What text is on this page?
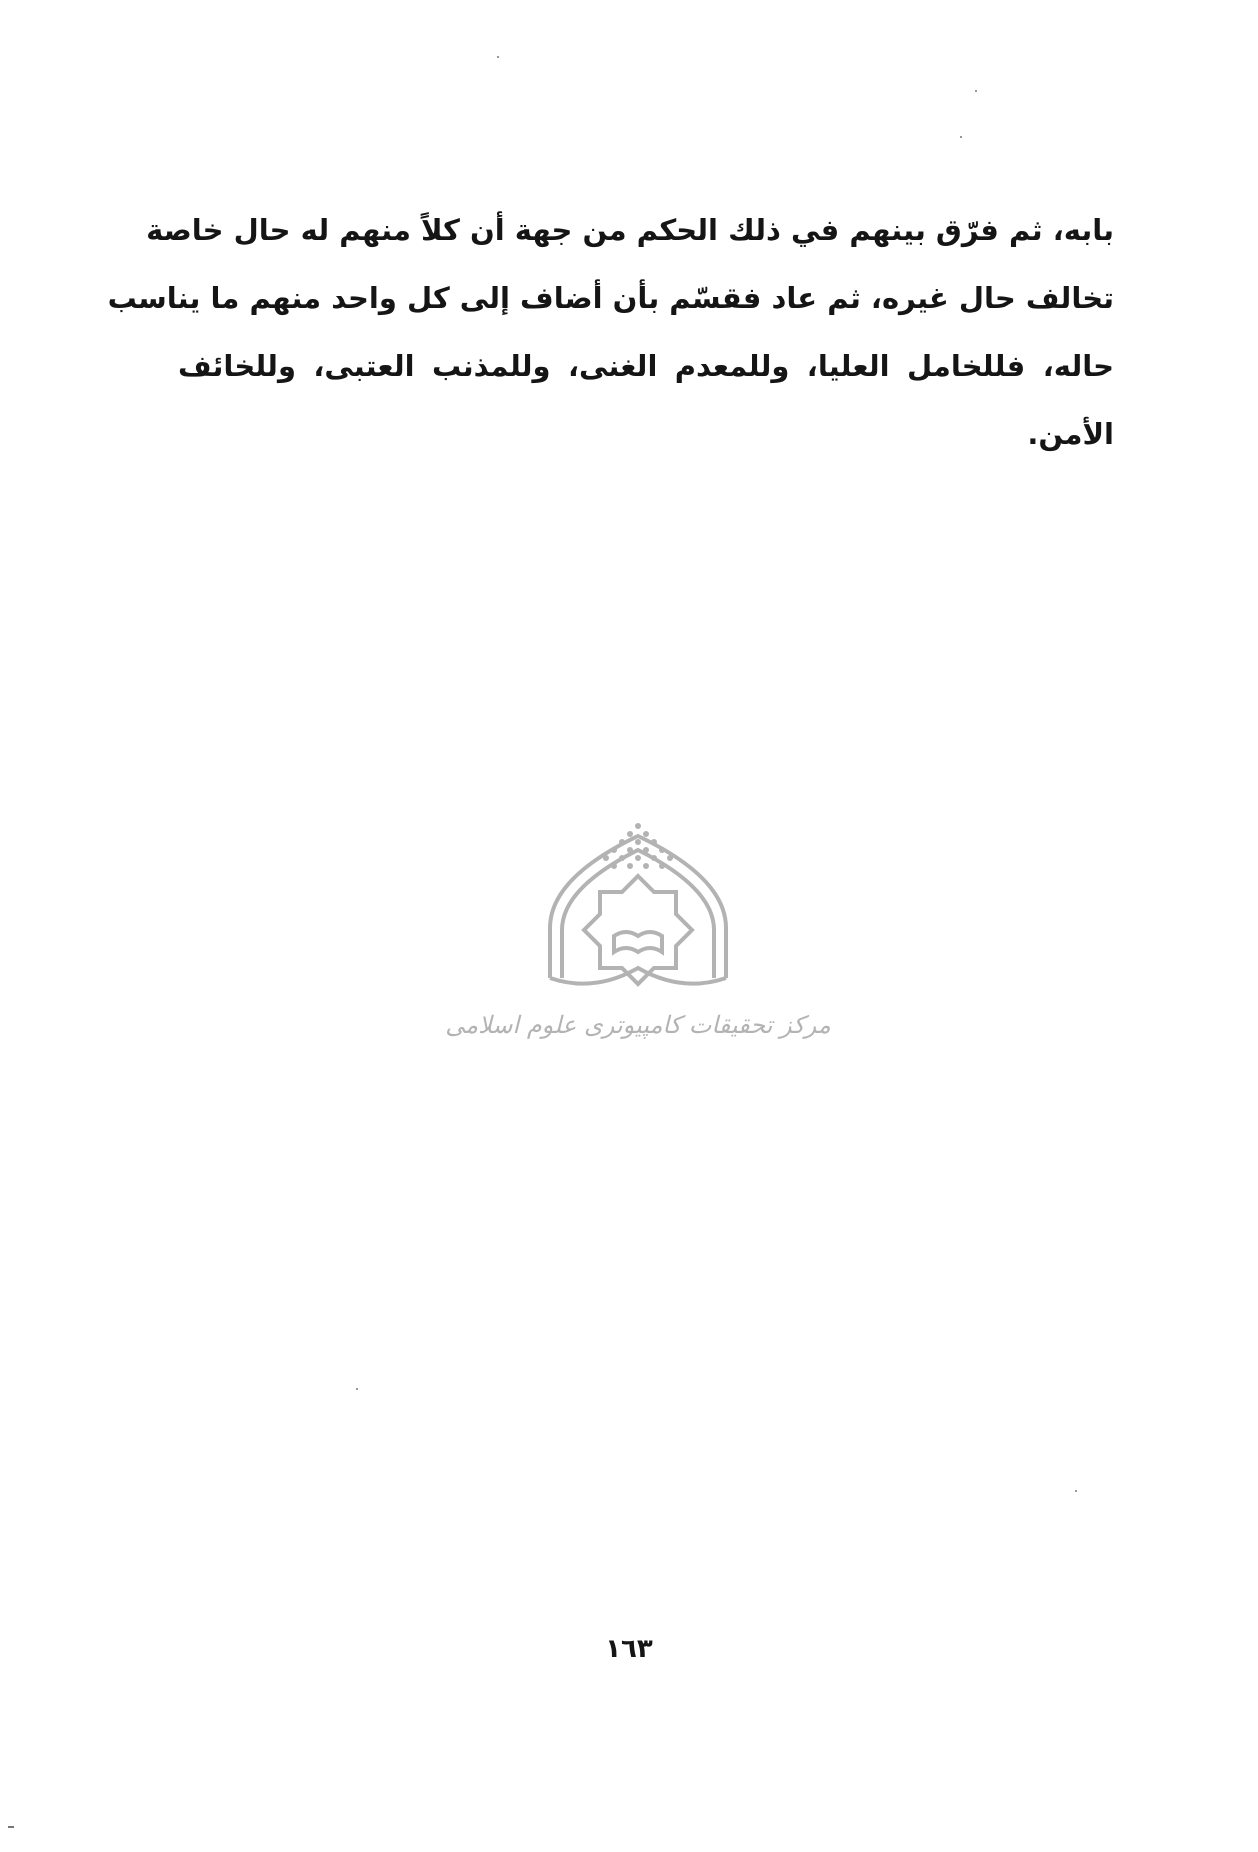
بابه، ثم فرّق بينهم في ذلك الحكم من جهة أن كلاً منهم له حال خاصة
تخالف حال غيره، ثم عاد فقسّم بأن أضاف إلى كل واحد منهم ما يناسب
حاله، فللخامل العليا، وللمعدم الغنى، وللمذنب العتبى، وللخائف
الأمن.
مرکز تحقیقات کامپیوتری علوم اسلامی
١٦٣
